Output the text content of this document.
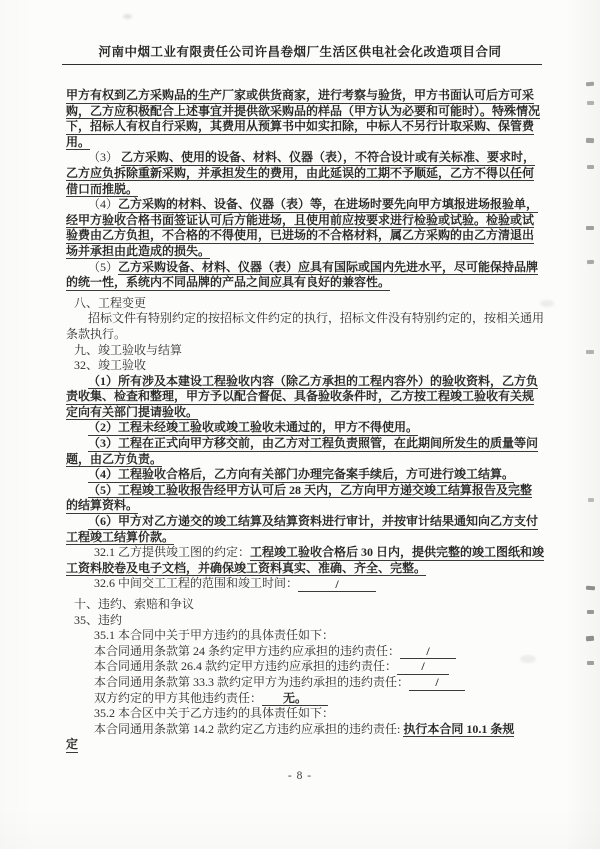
河南中烟工业有限责任公司许昌卷烟厂生活区供电社会化改造项目合同
甲方有权到乙方采购品的生产厂家或供货商家，进行考察与验货，甲方书面认可后方可采
购，乙方应积极配合上述事宜并提供欲采购品的样品（甲方认为必要和可能时）。特殊情况
下，招标人有权自行采购，其费用从预算书中如实扣除，中标人不另行计取采购、保管费
用。
（3） 乙方采购、使用的设备、材料、仪器（表），不符合设计或有关标准、要求时，
乙方应负拆除重新采购，并承担发生的费用，由此延误的工期不予顺延，乙方不得以任何
借口而推脱。
（4）乙方采购的材料、设备、仪器（表）等，在进场时要先向甲方填报进场报验单，
经甲方验收合格书面签证认可后方能进场，且使用前应按要求进行检验或试验。检验或试
验费由乙方负担，不合格的不得使用，已进场的不合格材料，属乙方采购的由乙方清退出
场并承担由此造成的损失。
（5）乙方采购设备、材料、仪器（表）应具有国际或国内先进水平，尽可能保持品牌
的统一性，系统内不同品牌的产品之间应具有良好的兼容性。
八、工程变更
招标文件有特别约定的按招标文件约定的执行，招标文件没有特别约定的，按相关通用
条款执行。
九、竣工验收与结算
32、竣工验收
（1）所有涉及本建设工程验收内容（除乙方承担的工程内容外）的验收资料，乙方负
责收集、检查和整理，甲方予以配合督促、具备验收条件时，乙方按工程竣工验收有关规
定向有关部门提请验收。
（2）工程未经竣工验收或竣工验收未通过的，甲方不得使用。
（3）工程在正式向甲方移交前，由乙方对工程负责照管，在此期间所发生的质量等问
题，由乙方负责。
（4）工程验收合格后，乙方向有关部门办理完备案手续后，方可进行竣工结算。
（5）工程竣工验收报告经甲方认可后 28 天内，乙方向甲方递交竣工结算报告及完整
的结算资料。
（6）甲方对乙方递交的竣工结算及结算资料进行审计，并按审计结果通知向乙方支付
工程竣工结算价款。
32.1 乙方提供竣工图的约定：工程竣工验收合格后 30 日内，提供完整的竣工图纸和竣
工资料胶卷及电子文档，并确保竣工资料真实、准确、齐全、完整。
32.6 中间交工工程的范围和竣工时间：	/
十、违约、索赔和争议
35、违约
35.1 本合同中关于甲方违约的具体责任如下：
本合同通用条款第 24 条约定甲方违约应承担的违约责任： /
本合同通用条款 26.4 款约定甲方违约应承担的违约责任： /
本合同通用条款第 33.3 款约定甲方为违约承担的违约责任： /
双方约定的甲方其他违约责任： 无。
35.2 本合区中关于乙方违约的具体责任如下：
本合同通用条款第 14.2 款约定乙方违约应承担的违约责任: 执行本合同 10.1 条规
定
- 8 -
